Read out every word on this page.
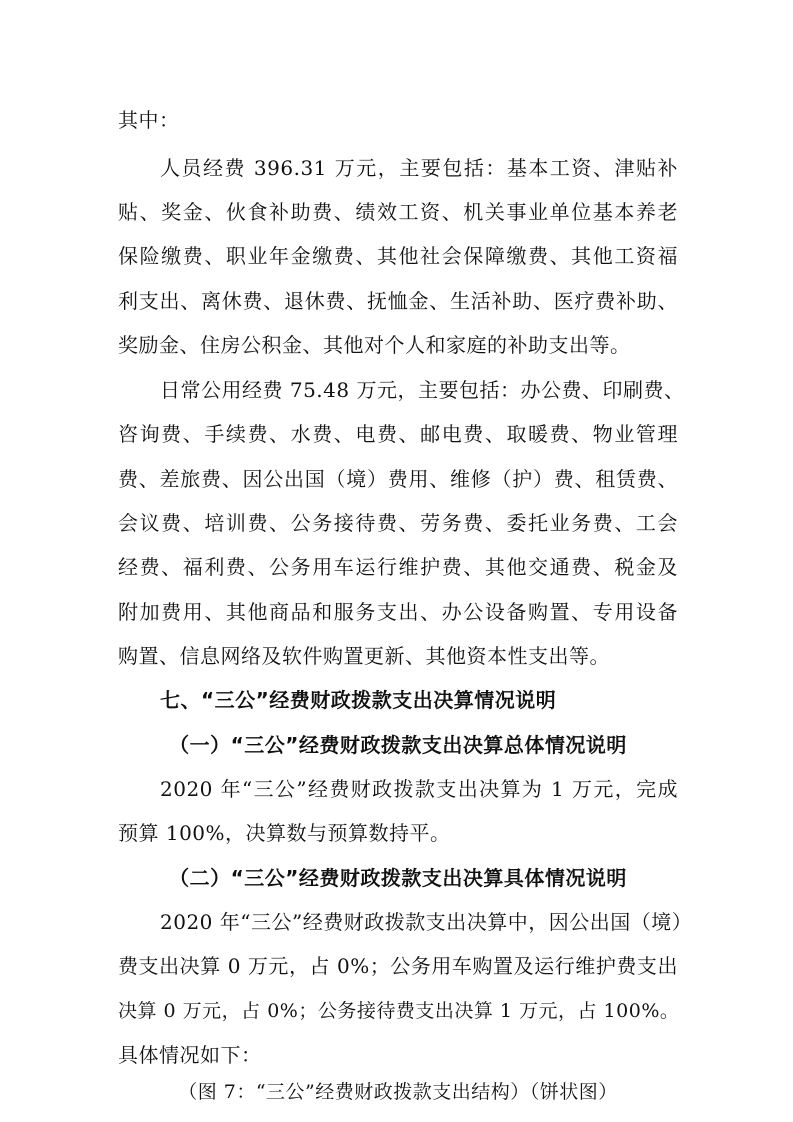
其中：
人员经费 396.31 万元，主要包括：基本工资、津贴补
贴、奖金、伙食补助费、绩效工资、机关事业单位基本养老
保险缴费、职业年金缴费、其他社会保障缴费、其他工资福
利支出、离休费、退休费、抚恤金、生活补助、医疗费补助、
奖励金、住房公积金、其他对个人和家庭的补助支出等。
日常公用经费 75.48 万元，主要包括：办公费、印刷费、
咨询费、手续费、水费、电费、邮电费、取暖费、物业管理
费、差旅费、因公出国（境）费用、维修（护）费、租赁费、
会议费、培训费、公务接待费、劳务费、委托业务费、工会
经费、福利费、公务用车运行维护费、其他交通费、税金及
附加费用、其他商品和服务支出、办公设备购置、专用设备
购置、信息网络及软件购置更新、其他资本性支出等。
七、“三公”经费财政拨款支出决算情况说明
（一）“三公”经费财政拨款支出决算总体情况说明
2020 年“三公”经费财政拨款支出决算为 1 万元，完成
预算 100%，决算数与预算数持平。
（二）“三公”经费财政拨款支出决算具体情况说明
2020 年“三公”经费财政拨款支出决算中，因公出国（境）
费支出决算 0 万元，占 0%；公务用车购置及运行维护费支出
决算 0 万元，占 0%；公务接待费支出决算 1 万元，占 100%。
具体情况如下：
（图 7：“三公”经费财政拨款支出结构）（饼状图）
